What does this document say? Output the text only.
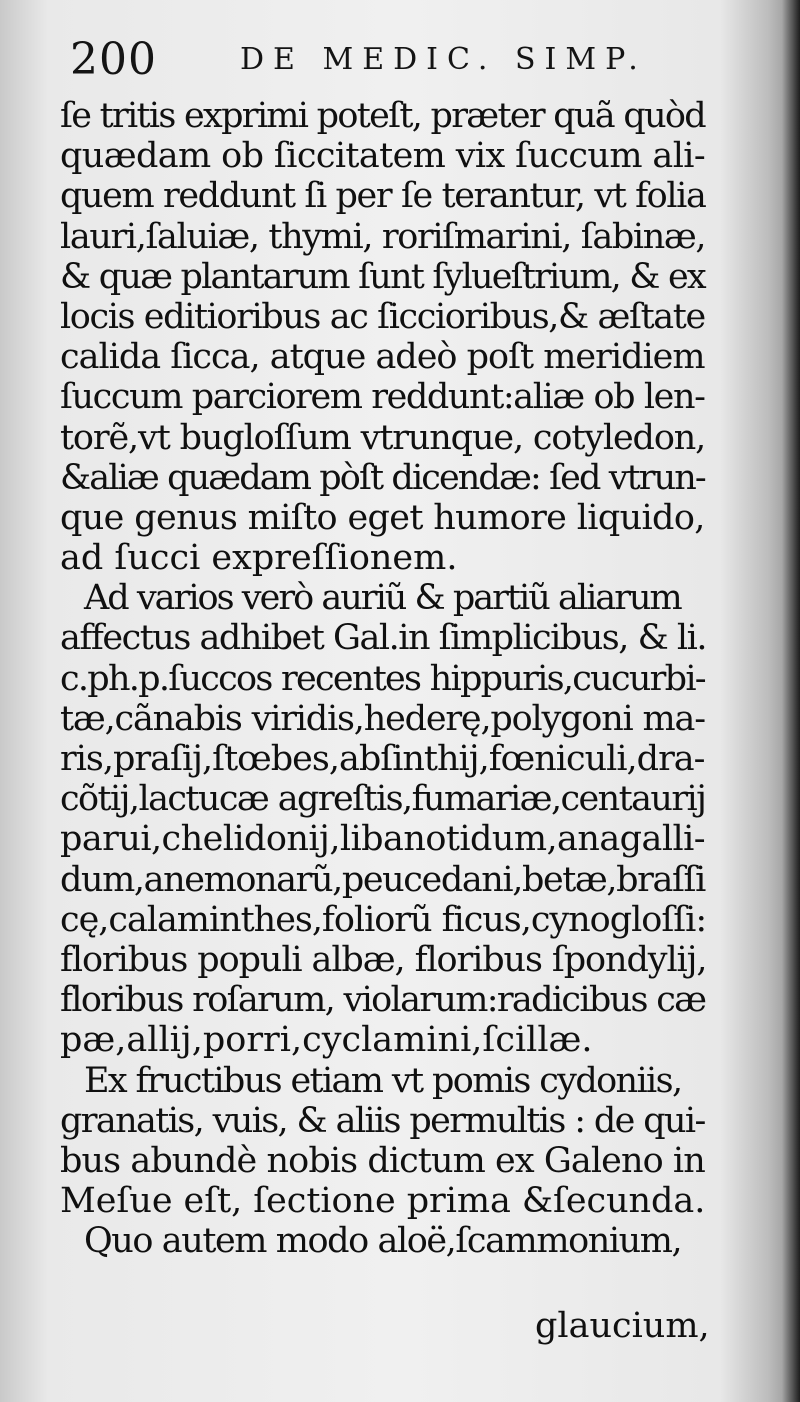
200	DE MEDIC. SIMP.
ſe tritis exprimi poteſt, præter quã quòd
quædam ob ſiccitatem vix ſuccum ali-
quem reddunt ſi per ſe terantur, vt folia
lauri,ſaluiæ, thymi, roriſmarini, ſabinæ,
& quæ plantarum ſunt ſylueſtrium, & ex
locis editioribus ac ſiccioribus,& æſtate
calida ſicca, atque adeò poſt meridiem
ſuccum parciorem reddunt:aliæ ob len-
torẽ,vt bugloſſum vtrunque, cotyledon,
&aliæ quædam pòſt dicendæ: ſed vtrun-
que genus miſto eget humore liquido,
ad ſucci expreſſionem.
Ad varios verò auriũ & partiũ aliarum
affectus adhibet Gal.in ſimplicibus, & li.
c.ph.p.ſuccos recentes hippuris,cucurbi-
tæ,cãnabis viridis,hederę,polygoni ma-
ris,praſij,ſtœbes,abſinthij,fœniculi,dra-
cõtij,lactucæ agreſtis,fumariæ,centaurij
parui,chelidonij,libanotidum,anagalli-
dum,anemonarũ,peucedani,betæ,braſſi
cę,calaminthes,foliorũ ficus,cynogloſſi:
floribus populi albæ, floribus ſpondylij,
floribus roſarum, violarum:radicibus cæ
pæ,allij,porri,cyclamini,ſcillæ.
Ex fructibus etiam vt pomis cydoniis,
granatis, vuis, & aliis permultis : de qui-
bus abundè nobis dictum ex Galeno in
Meſue eſt, ſectione prima &ſecunda.
Quo autem modo aloë,ſcammonium,
glaucium,
